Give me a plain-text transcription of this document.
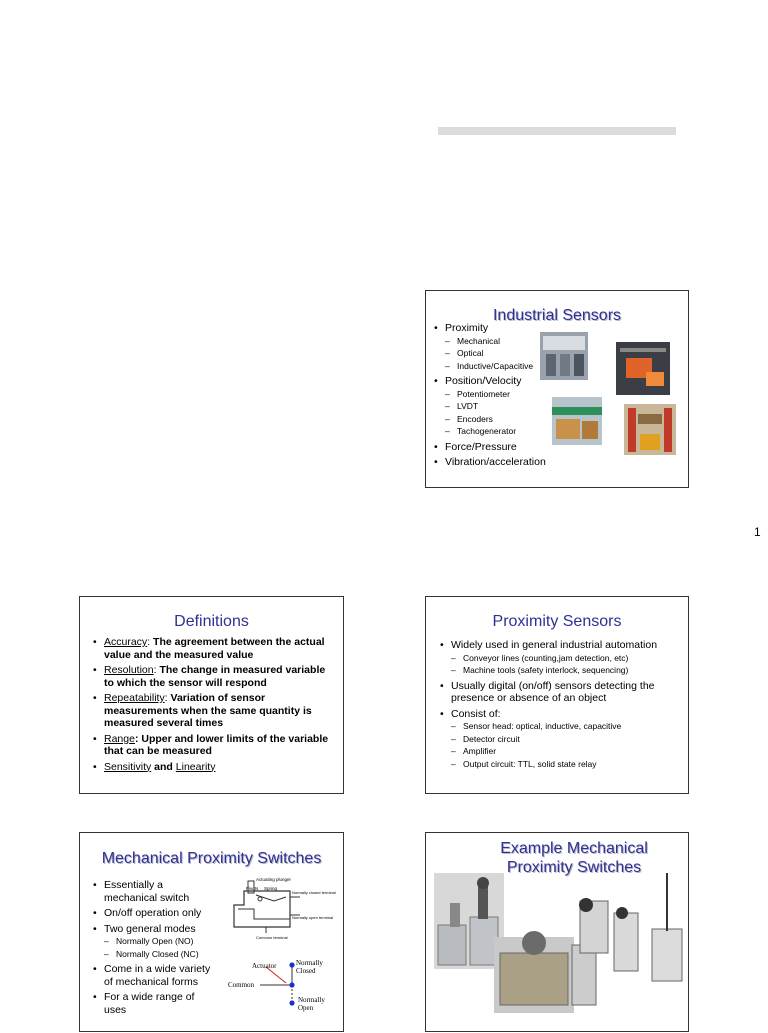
1
Industrial Sensors
• Proximity
– Mechanical
– Optical
– Inductive/Capacitive
• Position/Velocity
– Potentiometer
– LVDT
– Encoders
– Tachogenerator
• Force/Pressure
• Vibration/acceleration
Definitions
• Accuracy: The agreement between the actual value and the measured value
• Resolution: The change in measured variable to which the sensor will respond
• Repeatability: Variation of sensor measurements when the same quantity is measured several times
• Range: Upper and lower limits of the variable that can be measured
• Sensitivity and Linearity
Proximity Sensors
• Widely used in general industrial automation
– Conveyor lines (counting,jam detection, etc)
– Machine tools (safety interlock, sequencing)
• Usually digital (on/off) sensors detecting the presence or absence of an object
• Consist of:
– Sensor head: optical, inductive, capacitive
– Detector circuit
– Amplifier
– Output circuit: TTL, solid state relay
Mechanical Proximity Switches
• Essentially a mechanical switch
• On/off operation only
• Two general modes
– Normally Open (NO)
– Normally Closed (NC)
• Come in a wide variety of mechanical forms
• For a wide range of uses
Actuating plunger
Pivots Spring
Normally closed terminal
Normally open terminal
Common terminal
Actuator	Normally Closed
Common
Normally Open
Example Mechanical
Proximity Switches
